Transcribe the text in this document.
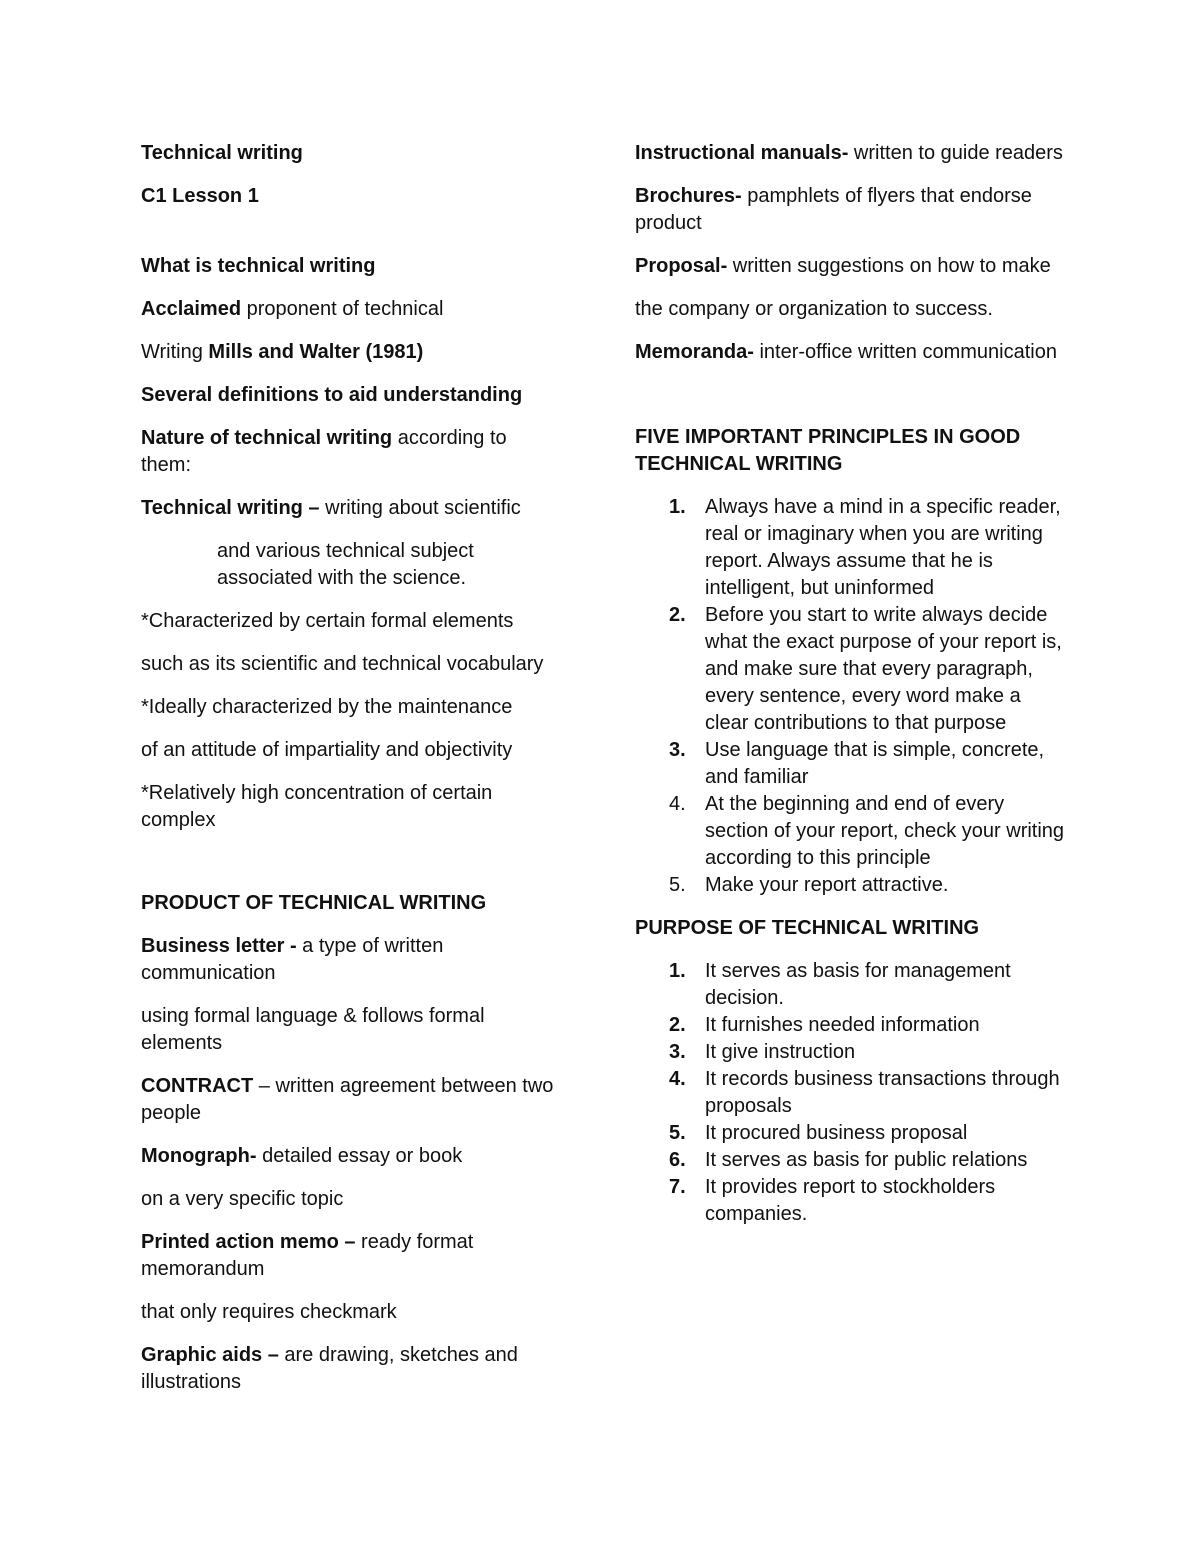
Technical writing

C1 Lesson 1

What is technical writing

Acclaimed proponent of technical

Writing Mills and Walter (1981)

Several definitions to aid understanding

Nature of technical writing according to them:

Technical writing – writing about scientific

and various technical subject associated with the science.

*Characterized by certain formal elements

such as its scientific and technical vocabulary

*Ideally characterized by the maintenance

of an attitude of impartiality and objectivity

*Relatively high concentration of certain complex

PRODUCT OF TECHNICAL WRITING

Business letter - a type of written communication

using formal language & follows formal elements

CONTRACT – written agreement between two people

Monograph- detailed essay or book

on a very specific topic

Printed action memo – ready format memorandum

that only requires checkmark

Graphic aids – are drawing, sketches and illustrations

Instructional manuals- written to guide readers

Brochures- pamphlets of flyers that endorse product

Proposal- written suggestions on how to make

the company or organization to success.

Memoranda- inter-office written communication

FIVE IMPORTANT PRINCIPLES IN GOOD TECHNICAL WRITING

1. Always have a mind in a specific reader, real or imaginary when you are writing report. Always assume that he is intelligent, but uninformed
2. Before you start to write always decide what the exact purpose of your report is, and make sure that every paragraph, every sentence, every word make a clear contributions to that purpose
3. Use language that is simple, concrete, and familiar
4. At the beginning and end of every section of your report, check your writing according to this principle
5. Make your report attractive.

PURPOSE OF TECHNICAL WRITING

1. It serves as basis for management decision.
2. It furnishes needed information
3. It give instruction
4. It records business transactions through proposals
5. It procured business proposal
6. It serves as basis for public relations
7. It provides report to stockholders companies.
